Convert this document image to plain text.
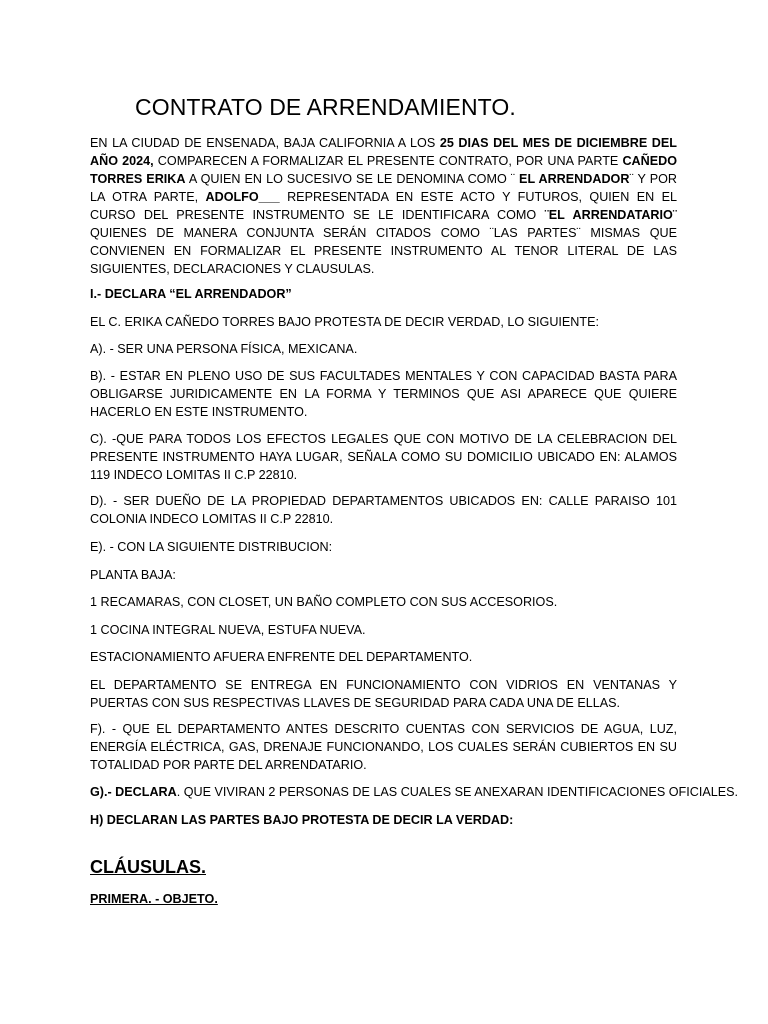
CONTRATO DE ARRENDAMIENTO.

EN LA CIUDAD DE ENSENADA, BAJA CALIFORNIA A LOS 25 DIAS DEL MES DE DICIEMBRE DEL AÑO 2024, COMPARECEN A FORMALIZAR EL PRESENTE CONTRATO, POR UNA PARTE CAÑEDO TORRES ERIKA A QUIEN EN LO SUCESIVO SE LE DENOMINA COMO ¨ EL ARRENDADOR¨ Y POR LA OTRA PARTE, ADOLFO___ REPRESENTADA EN ESTE ACTO Y FUTUROS, QUIEN EN EL CURSO DEL PRESENTE INSTRUMENTO SE LE IDENTIFICARA COMO ¨EL ARRENDATARIO¨ QUIENES DE MANERA CONJUNTA SERÁN CITADOS COMO ¨LAS PARTES¨ MISMAS QUE CONVIENEN EN FORMALIZAR EL PRESENTE INSTRUMENTO AL TENOR LITERAL DE LAS SIGUIENTES, DECLARACIONES Y CLAUSULAS.

I.- DECLARA “EL ARRENDADOR”

EL C. ERIKA CAÑEDO TORRES BAJO PROTESTA DE DECIR VERDAD, LO SIGUIENTE:

A). - SER UNA PERSONA FÍSICA, MEXICANA.

B). - ESTAR EN PLENO USO DE SUS FACULTADES MENTALES Y CON CAPACIDAD BASTA PARA OBLIGARSE JURIDICAMENTE EN LA FORMA Y TERMINOS QUE ASI APARECE QUE QUIERE HACERLO EN ESTE INSTRUMENTO.

C). -QUE PARA TODOS LOS EFECTOS LEGALES QUE CON MOTIVO DE LA CELEBRACION DEL PRESENTE INSTRUMENTO HAYA LUGAR, SEÑALA COMO SU DOMICILIO UBICADO EN: ALAMOS 119 INDECO LOMITAS II C.P 22810.

D). - SER DUEÑO DE LA PROPIEDAD DEPARTAMENTOS UBICADOS EN: CALLE PARAISO 101 COLONIA INDECO LOMITAS II C.P 22810.

E). - CON LA SIGUIENTE DISTRIBUCION:

PLANTA BAJA:

1 RECAMARAS, CON CLOSET, UN BAÑO COMPLETO CON SUS ACCESORIOS.

1 COCINA INTEGRAL NUEVA, ESTUFA NUEVA.

ESTACIONAMIENTO AFUERA ENFRENTE DEL DEPARTAMENTO.

EL DEPARTAMENTO SE ENTREGA EN FUNCIONAMIENTO CON VIDRIOS EN VENTANAS Y PUERTAS CON SUS RESPECTIVAS LLAVES DE SEGURIDAD PARA CADA UNA DE ELLAS.

F). - QUE EL DEPARTAMENTO ANTES DESCRITO CUENTAS CON SERVICIOS DE AGUA, LUZ, ENERGÍA ELÉCTRICA, GAS, DRENAJE FUNCIONANDO, LOS CUALES SERÁN CUBIERTOS EN SU TOTALIDAD POR PARTE DEL ARRENDATARIO.

G).- DECLARA. QUE VIVIRAN 2 PERSONAS DE LAS CUALES SE ANEXARAN IDENTIFICACIONES OFICIALES.

H) DECLARAN LAS PARTES BAJO PROTESTA DE DECIR LA VERDAD:

CLÁUSULAS.

PRIMERA. - OBJETO.
